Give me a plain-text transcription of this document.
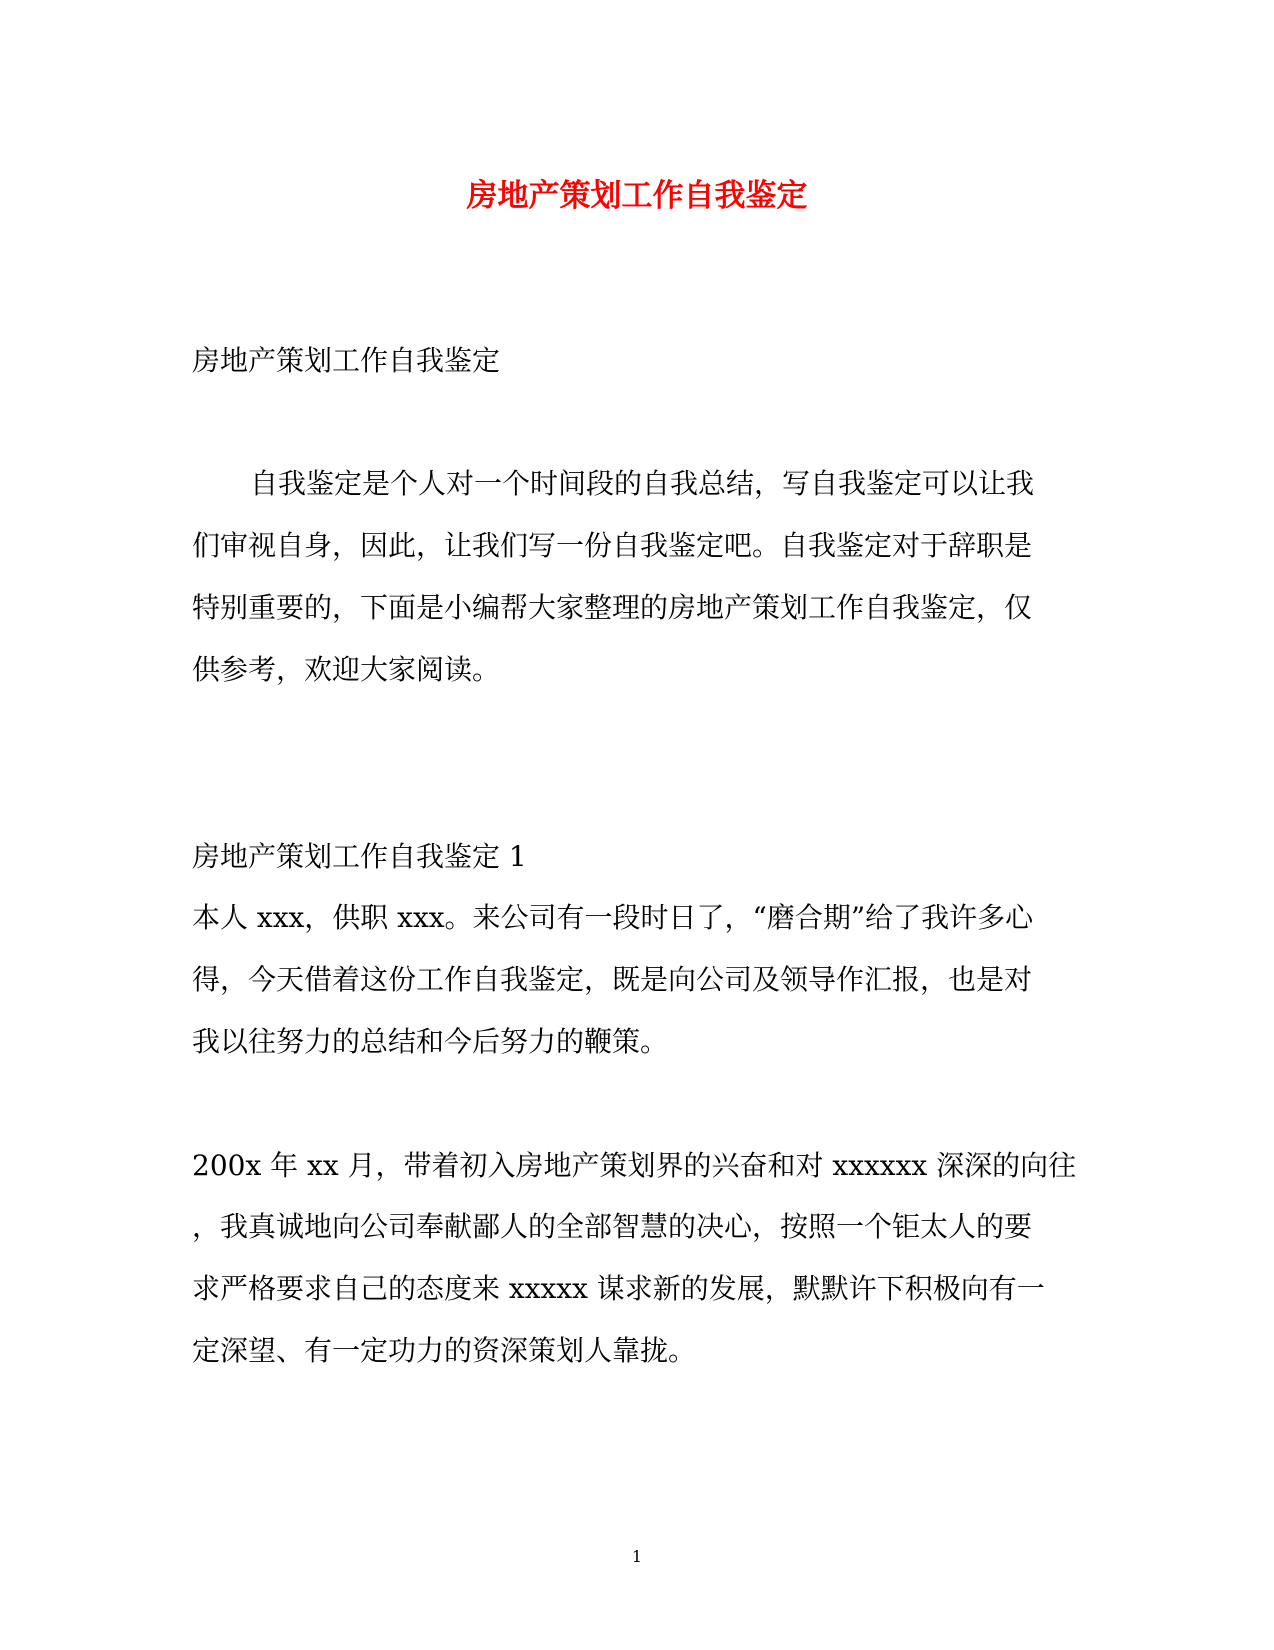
房地产策划工作自我鉴定

房地产策划工作自我鉴定

自我鉴定是个人对一个时间段的自我总结，写自我鉴定可以让我

们审视自身，因此，让我们写一份自我鉴定吧。自我鉴定对于辞职是

特别重要的，下面是小编帮大家整理的房地产策划工作自我鉴定，仅

供参考，欢迎大家阅读。

房地产策划工作自我鉴定 1

本人 xxx，供职 xxx。来公司有一段时日了，“磨合期”给了我许多心

得，今天借着这份工作自我鉴定，既是向公司及领导作汇报，也是对

我以往努力的总结和今后努力的鞭策。

200x 年 xx 月，带着初入房地产策划界的兴奋和对 xxxxxx 深深的向往

，我真诚地向公司奉献鄙人的全部智慧的决心，按照一个钜太人的要

求严格要求自己的态度来 xxxxx 谋求新的发展，默默许下积极向有一

定深望、有一定功力的资深策划人靠拢。

1
